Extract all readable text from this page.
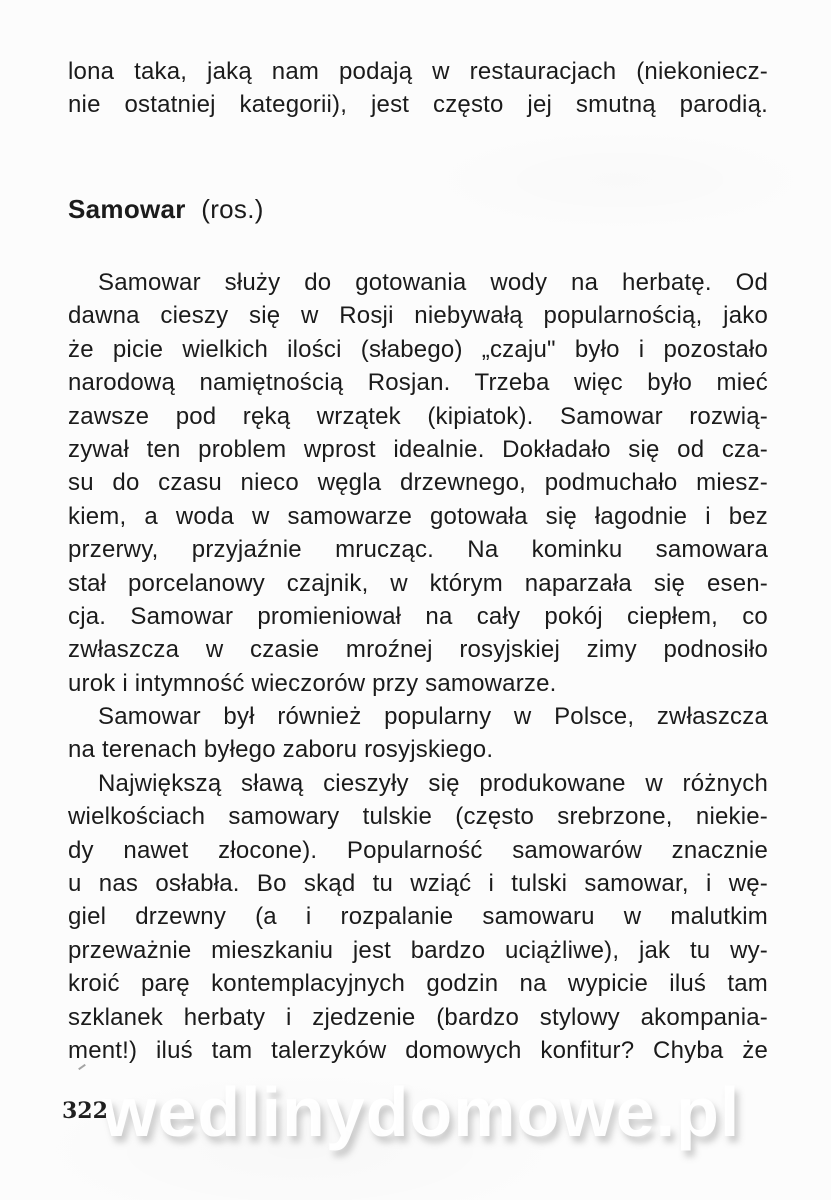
lona taka, jaką nam podają w restauracjach (niekoniecz-
nie ostatniej kategorii), jest często jej smutną parodią.
Samowar (ros.)
Samowar służy do gotowania wody na herbatę. Od
dawna cieszy się w Rosji niebywałą popularnością, jako
że picie wielkich ilości (słabego) „czaju" było i pozostało
narodową namiętnością Rosjan. Trzeba więc było mieć
zawsze pod ręką wrzątek (kipiatok). Samowar rozwią-
zywał ten problem wprost idealnie. Dokładało się od cza-
su do czasu nieco węgla drzewnego, podmuchało miesz-
kiem, a woda w samowarze gotowała się łagodnie i bez
przerwy, przyjaźnie mrucząc. Na kominku samowara
stał porcelanowy czajnik, w którym naparzała się esen-
cja. Samowar promieniował na cały pokój ciepłem, co
zwłaszcza w czasie mroźnej rosyjskiej zimy podnosiło
urok i intymność wieczorów przy samowarze.
Samowar był również popularny w Polsce, zwłaszcza
na terenach byłego zaboru rosyjskiego.
Największą sławą cieszyły się produkowane w różnych
wielkościach samowary tulskie (często srebrzone, niekie-
dy nawet złocone). Popularność samowarów znacznie
u nas osłabła. Bo skąd tu wziąć i tulski samowar, i wę-
giel drzewny (a i rozpalanie samowaru w malutkim
przeważnie mieszkaniu jest bardzo uciążliwe), jak tu wy-
kroić parę kontemplacyjnych godzin na wypicie iluś tam
szklanek herbaty i zjedzenie (bardzo stylowy akompania-
ment!) iluś tam talerzyków domowych konfitur? Chyba że
322
wedlinydomowe.pl
